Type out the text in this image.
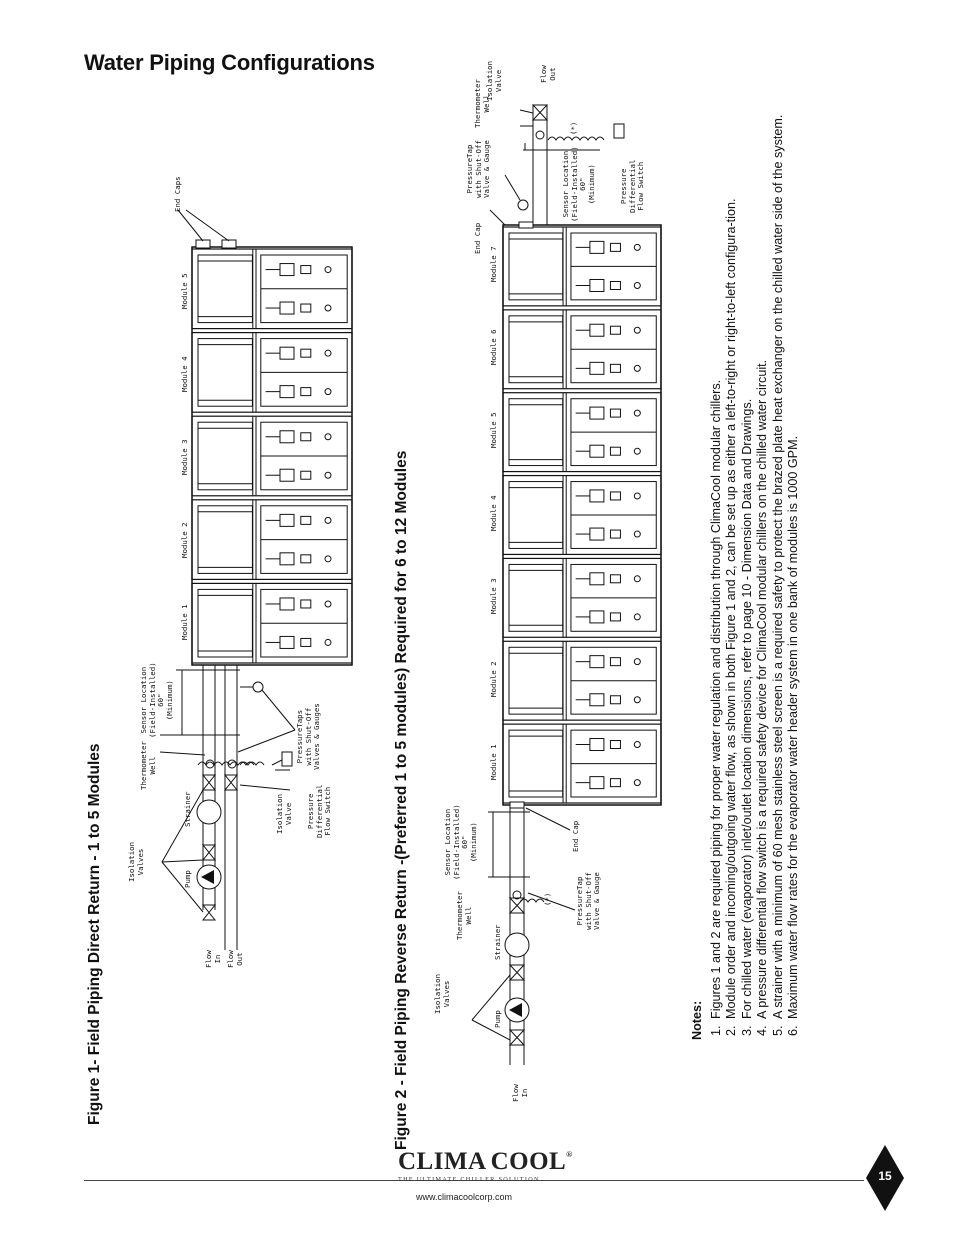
Water Piping Configurations
Figure 1- Field Piping Direct Return - 1 to 5 Modules	Figure 2 - Field Piping Reverse Return -(Preferred 1 to 5 modules) Required for 6 to 12 Modules	Notes:
1. Figures 1 and 2 are required piping for proper water regulation and distribution through ClimaCool modular chillers. 2. Module order and incoming/outgoing water flow, as shown in both Figure 1 and 2, can be set up as either a left-to-right or right-to-left configura-tion. 3. For chilled water (evaporator) inlet/outlet location dimensions, refer to page 10 - Dimension Data and Drawings. 4. A pressure differential flow switch is a required safety device for ClimaCool modular chillers on the chilled water circuit. 5. A strainer with a minimum of 60 mesh stainless steel screen is a required safety to protect the brazed plate heat exchanger on the chilled water side of the system. 6. Maximum water flow rates for the evaporator water header system in one bank of modules is 1000 GPM.
CLIMA COOL ®
THE ULTIMATE CHILLER SOLUTION
www.climacoolcorp.com
15
Module 1
Module 2
Module 3
Module 4
Module 5
Module 1
Module 2
Module 3
Module 4
Module 5
Module 6
Module 7
End Caps
Sensor Location (Field-Installed) 60" (Minimum)
PressureTaps with Shut-Off Valves & Gauges
Thermometer Well
Isolation Valve Pressure Differential Flow Switch
Strainer
Isolation Valves
Pump
Flow In Flow Out
Flow Out
Isolation Valve
Thermometer Well
(*)
PressureTap with Shut-Off Valve & Gauge	Sensor Location (Field-Installed) 60" (Minimum)	Pressure Differential Flow Switch
End Cap
End Cap
Sensor Location (Field-Installed) 60" (Minimum)
Thermometer Well
(*)	PressureTap with Shut-Off Valve & Gauge
Strainer
Isolation Valves
Pump
Flow In
